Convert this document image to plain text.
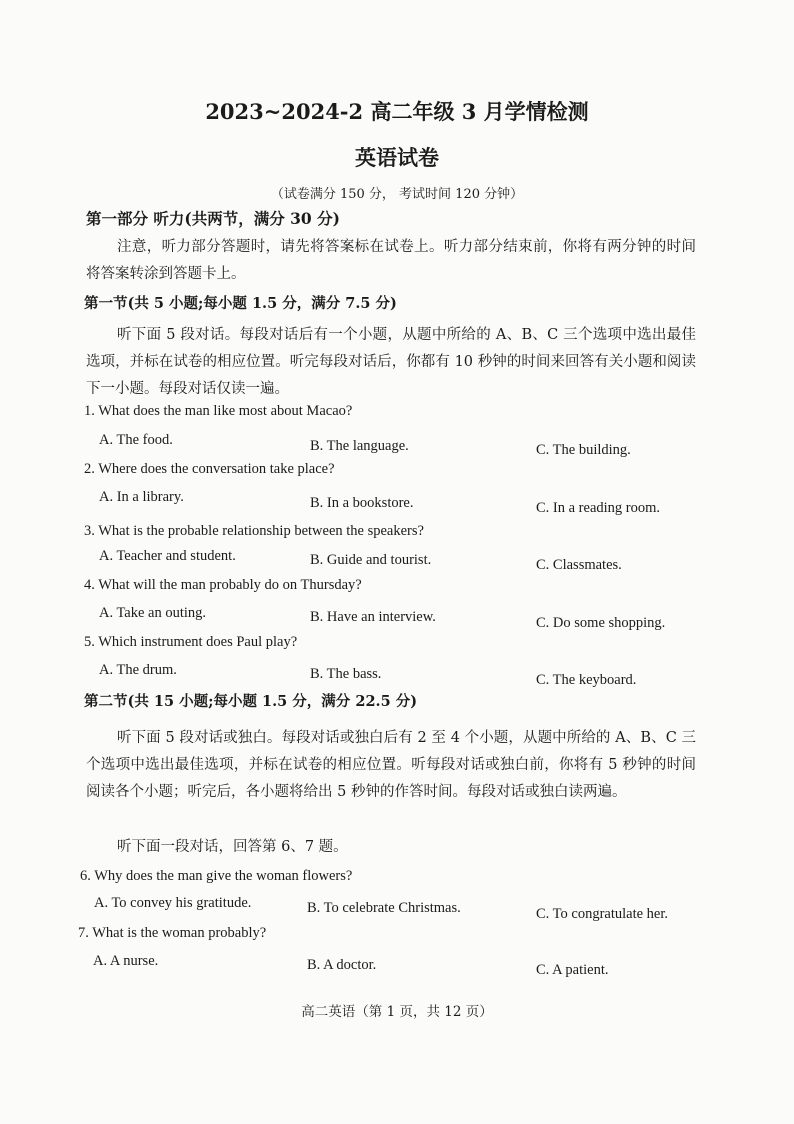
2023~2024-2 高二年级 3 月学情检测
英语试卷
（试卷满分 150 分， 考试时间 120 分钟）
第一部分 听力(共两节，满分 30 分)
注意，听力部分答题时，请先将答案标在试卷上。听力部分结束前，你将有两分钟的时间将答案转涂到答题卡上。
第一节(共 5 小题;每小题 1.5 分，满分 7.5 分)
听下面 5 段对话。每段对话后有一个小题，从题中所给的 A、B、C 三个选项中选出最佳选项，并标在试卷的相应位置。听完每段对话后，你都有 10 秒钟的时间来回答有关小题和阅读下一小题。每段对话仅读一遍。
1. What does the man like most about Macao?
A. The food.	B. The language.	C. The building.
2. Where does the conversation take place?
A. In a library.	B. In a bookstore.	C. In a reading room.
3. What is the probable relationship between the speakers?
A. Teacher and student.	B. Guide and tourist.	C. Classmates.
4. What will the man probably do on Thursday?
A. Take an outing.	B. Have an interview.	C. Do some shopping.
5. Which instrument does Paul play?
A. The drum.	B. The bass.	C. The keyboard.
第二节(共 15 小题;每小题 1.5 分，满分 22.5 分)
听下面 5 段对话或独白。每段对话或独白后有 2 至 4 个小题，从题中所给的 A、B、C 三个选项中选出最佳选项，并标在试卷的相应位置。听每段对话或独白前，你将有 5 秒钟的时间阅读各个小题；听完后，各小题将给出 5 秒钟的作答时间。每段对话或独白读两遍。
听下面一段对话，回答第 6、7 题。
6. Why does the man give the woman flowers?
A. To convey his gratitude.	B. To celebrate Christmas.	C. To congratulate her.
7. What is the woman probably?
A. A nurse.	B. A doctor.	C. A patient.
高二英语（第 1 页，共 12 页）
